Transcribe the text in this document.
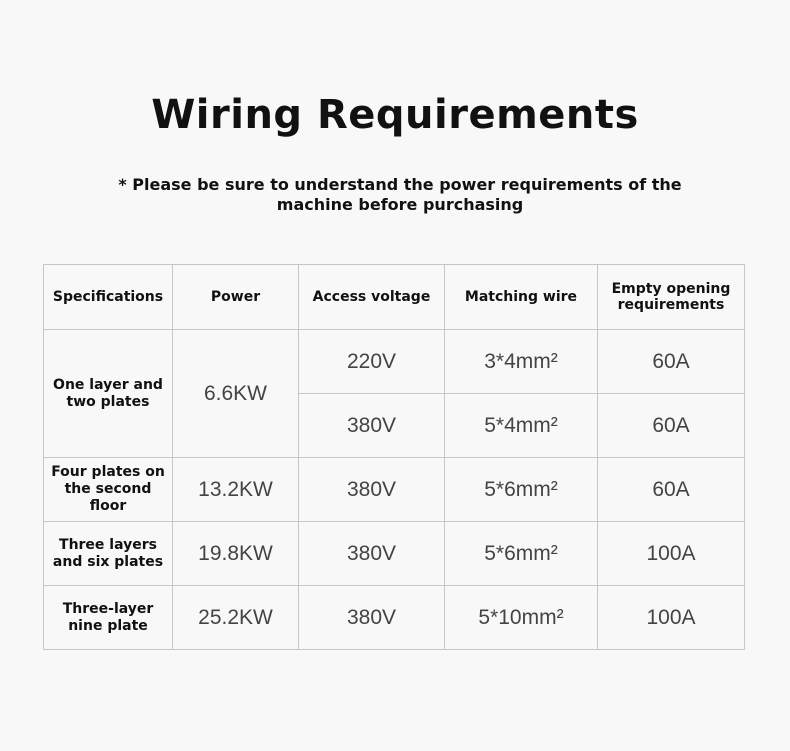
Wiring Requirements
* Please be sure to understand the power requirements of the machine before purchasing
Specifications	Power	Access voltage	Matching wire	Empty opening requirements
One layer and two plates	6.6KW	220V	3*4mm²	60A
		380V	5*4mm²	60A
Four plates on the second floor	13.2KW	380V	5*6mm²	60A
Three layers and six plates	19.8KW	380V	5*6mm²	100A
Three-layer nine plate	25.2KW	380V	5*10mm²	100A
